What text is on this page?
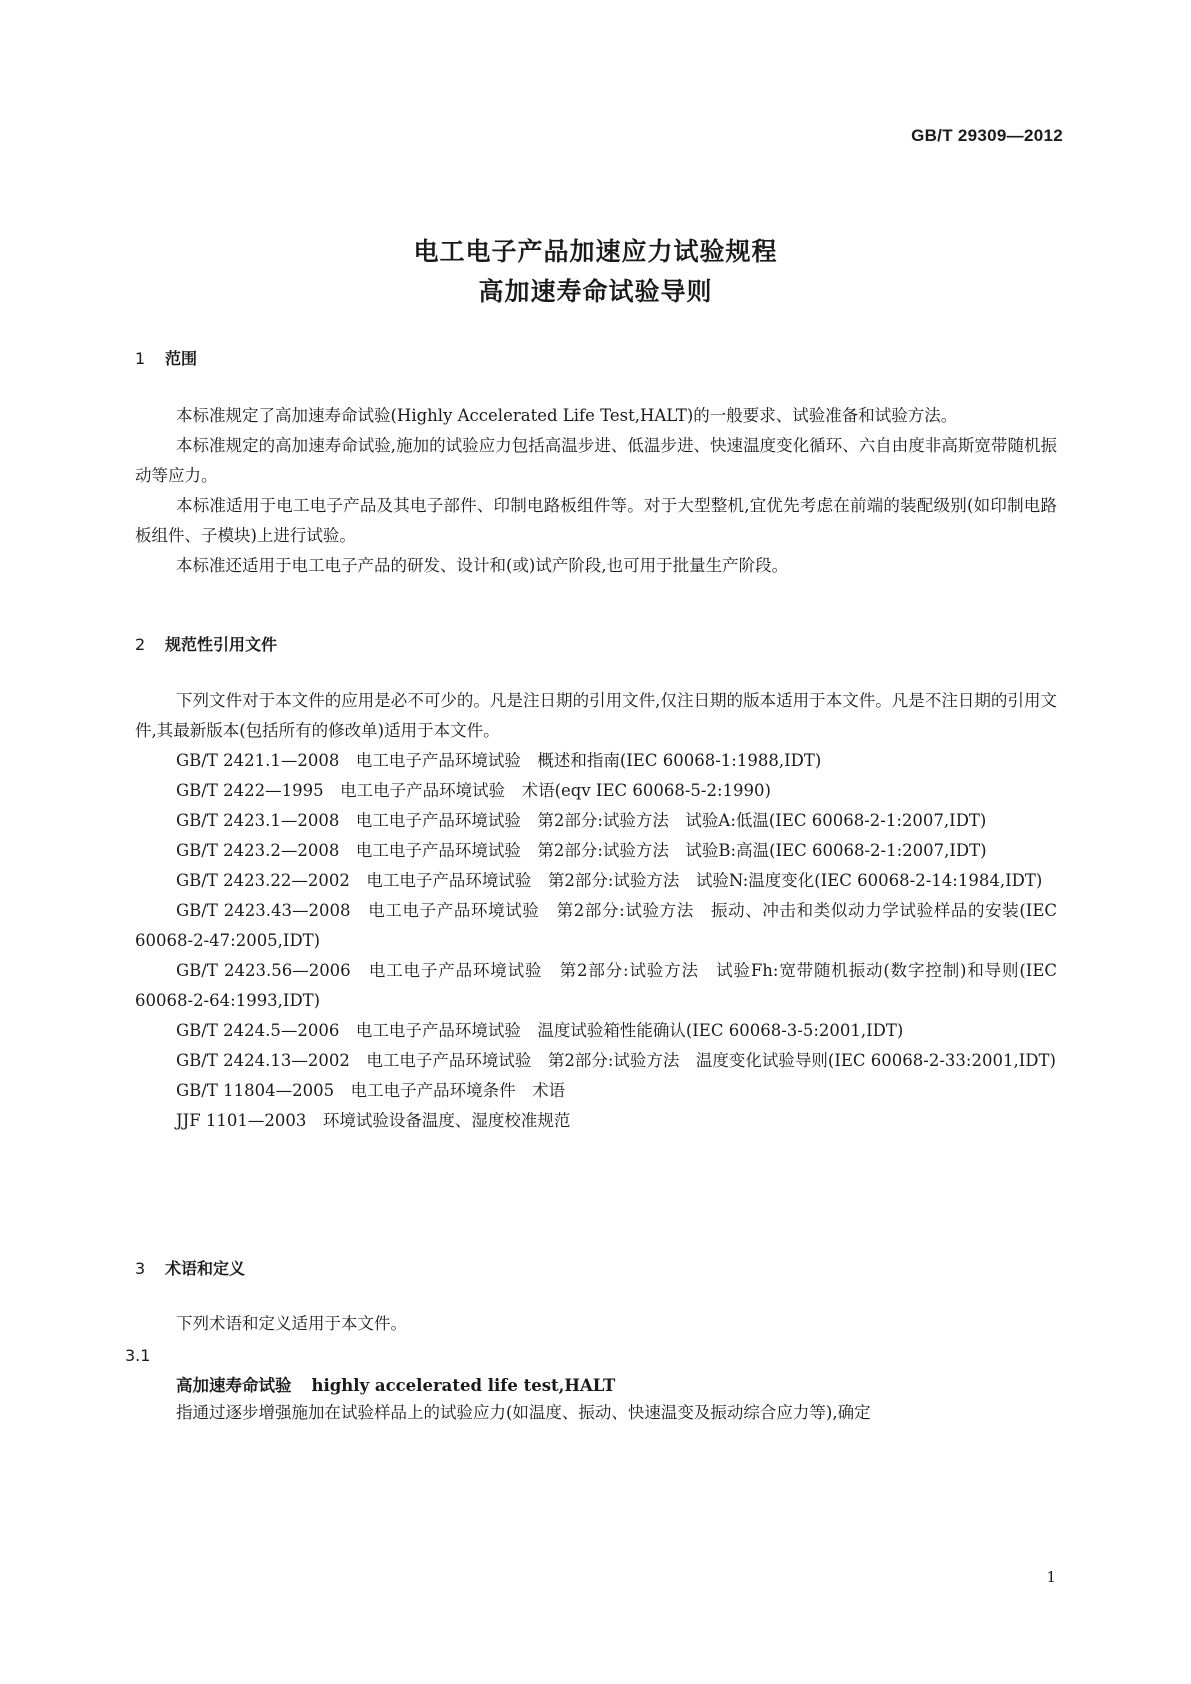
GB/T 29309—2012
电工电子产品加速应力试验规程
高加速寿命试验导则
1 范围

本标准规定了高加速寿命试验(Highly Accelerated Life Test,HALT)的一般要求、试验准备和试验方法。

本标准规定的高加速寿命试验,施加的试验应力包括高温步进、低温步进、快速温度变化循环、六自由度非高斯宽带随机振动等应力。

本标准适用于电工电子产品及其电子部件、印制电路板组件等。对于大型整机,宜优先考虑在前端的装配级别(如印制电路板组件、子模块)上进行试验。

本标准还适用于电工电子产品的研发、设计和(或)试产阶段,也可用于批量生产阶段。

2 规范性引用文件

下列文件对于本文件的应用是必不可少的。凡是注日期的引用文件,仅注日期的版本适用于本文件。凡是不注日期的引用文件,其最新版本(包括所有的修改单)适用于本文件。

GB/T 2421.1—2008　电工电子产品环境试验　概述和指南(IEC 60068-1:1988,IDT)

GB/T 2422—1995　电工电子产品环境试验　术语(eqv IEC 60068-5-2:1990)

GB/T 2423.1—2008　电工电子产品环境试验　第2部分:试验方法　试验A:低温(IEC 60068-2-1:2007,IDT)

GB/T 2423.2—2008　电工电子产品环境试验　第2部分:试验方法　试验B:高温(IEC 60068-2-1:2007,IDT)

GB/T 2423.22—2002　电工电子产品环境试验　第2部分:试验方法　试验N:温度变化(IEC 60068-2-14:1984,IDT)

GB/T 2423.43—2008　电工电子产品环境试验　第2部分:试验方法　振动、冲击和类似动力学试验样品的安装(IEC 60068-2-47:2005,IDT)

GB/T 2423.56—2006　电工电子产品环境试验　第2部分:试验方法　试验Fh:宽带随机振动(数字控制)和导则(IEC 60068-2-64:1993,IDT)

GB/T 2424.5—2006　电工电子产品环境试验　温度试验箱性能确认(IEC 60068-3-5:2001,IDT)

GB/T 2424.13—2002　电工电子产品环境试验　第2部分:试验方法　温度变化试验导则(IEC 60068-2-33:2001,IDT)

GB/T 11804—2005　电工电子产品环境条件　术语

JJF 1101—2003　环境试验设备温度、湿度校准规范

3 术语和定义

下列术语和定义适用于本文件。

3.1
高加速寿命试验 highly accelerated life test,HALT

指通过逐步增强施加在试验样品上的试验应力(如温度、振动、快速温变及振动综合应力等),确定

1
